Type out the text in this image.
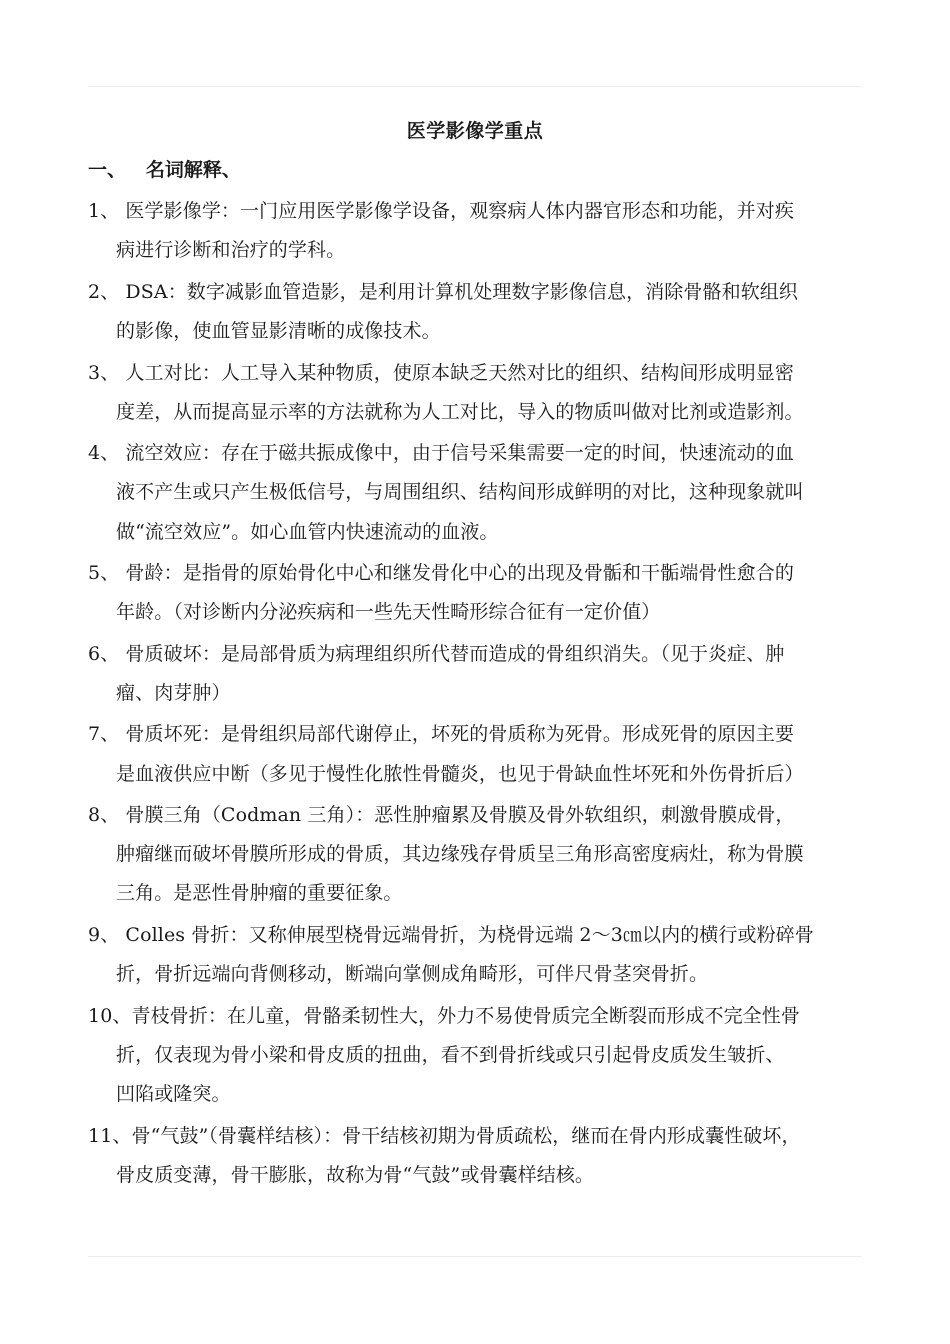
医学影像学重点
一、   名词解释、
1、 医学影像学：一门应用医学影像学设备，观察病人体内器官形态和功能，并对疾
病进行诊断和治疗的学科。
2、 DSA：数字减影血管造影，是利用计算机处理数字影像信息，消除骨骼和软组织
的影像，使血管显影清晰的成像技术。
3、 人工对比：人工导入某种物质，使原本缺乏天然对比的组织、结构间形成明显密
度差，从而提高显示率的方法就称为人工对比，导入的物质叫做对比剂或造影剂。
4、 流空效应：存在于磁共振成像中，由于信号采集需要一定的时间，快速流动的血
液不产生或只产生极低信号，与周围组织、结构间形成鲜明的对比，这种现象就叫
做“流空效应”。如心血管内快速流动的血液。
5、 骨龄：是指骨的原始骨化中心和继发骨化中心的出现及骨骺和干骺端骨性愈合的
年龄。（对诊断内分泌疾病和一些先天性畸形综合征有一定价值）
6、 骨质破坏：是局部骨质为病理组织所代替而造成的骨组织消失。（见于炎症、肿
瘤、肉芽肿）
7、 骨质坏死：是骨组织局部代谢停止，坏死的骨质称为死骨。形成死骨的原因主要
是血液供应中断（多见于慢性化脓性骨髓炎，也见于骨缺血性坏死和外伤骨折后）
8、 骨膜三角（Codman 三角）：恶性肿瘤累及骨膜及骨外软组织，刺激骨膜成骨，
肿瘤继而破坏骨膜所形成的骨质，其边缘残存骨质呈三角形高密度病灶，称为骨膜
三角。是恶性骨肿瘤的重要征象。
9、 Colles 骨折：又称伸展型桡骨远端骨折，为桡骨远端 2～3㎝以内的横行或粉碎骨
折，骨折远端向背侧移动，断端向掌侧成角畸形，可伴尺骨茎突骨折。
10、青枝骨折：在儿童，骨骼柔韧性大，外力不易使骨质完全断裂而形成不完全性骨
折，仅表现为骨小梁和骨皮质的扭曲，看不到骨折线或只引起骨皮质发生皱折、
凹陷或隆突。
11、骨“气鼓”（骨囊样结核）：骨干结核初期为骨质疏松，继而在骨内形成囊性破坏，
骨皮质变薄，骨干膨胀，故称为骨“气鼓”或骨囊样结核。
